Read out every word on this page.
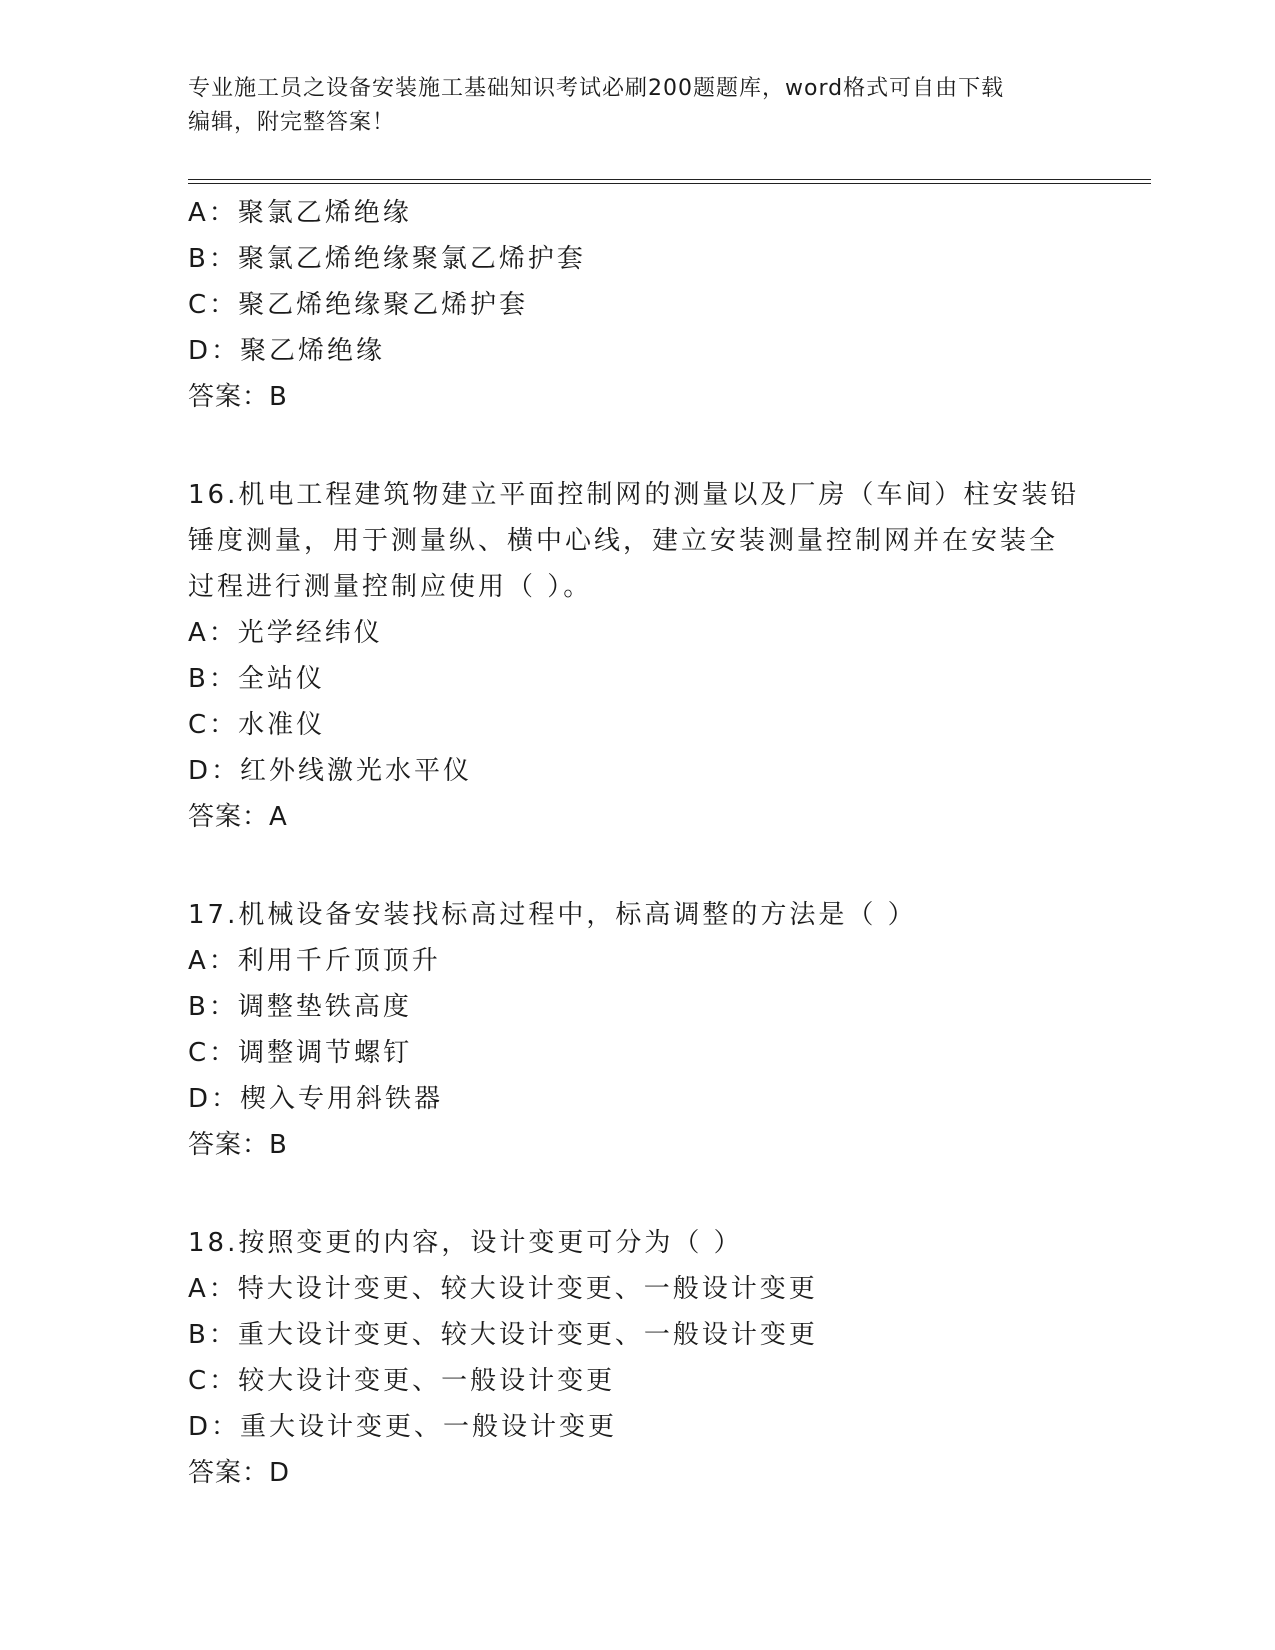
专业施工员之设备安装施工基础知识考试必刷200题题库，word格式可自由下载
编辑，附完整答案！
A：聚氯乙烯绝缘
B：聚氯乙烯绝缘聚氯乙烯护套
C：聚乙烯绝缘聚乙烯护套
D：聚乙烯绝缘
答案：B
16.机电工程建筑物建立平面控制网的测量以及厂房（车间）柱安装铅
锤度测量，用于测量纵、横中心线，建立安装测量控制网并在安装全
过程进行测量控制应使用（ ）。
A：光学经纬仪
B：全站仪
C：水准仪
D：红外线激光水平仪
答案：A
17.机械设备安装找标高过程中，标高调整的方法是（ ）
A：利用千斤顶顶升
B：调整垫铁高度
C：调整调节螺钉
D：楔入专用斜铁器
答案：B
18.按照变更的内容，设计变更可分为（ ）
A：特大设计变更、较大设计变更、一般设计变更
B：重大设计变更、较大设计变更、一般设计变更
C：较大设计变更、一般设计变更
D：重大设计变更、一般设计变更
答案：D
